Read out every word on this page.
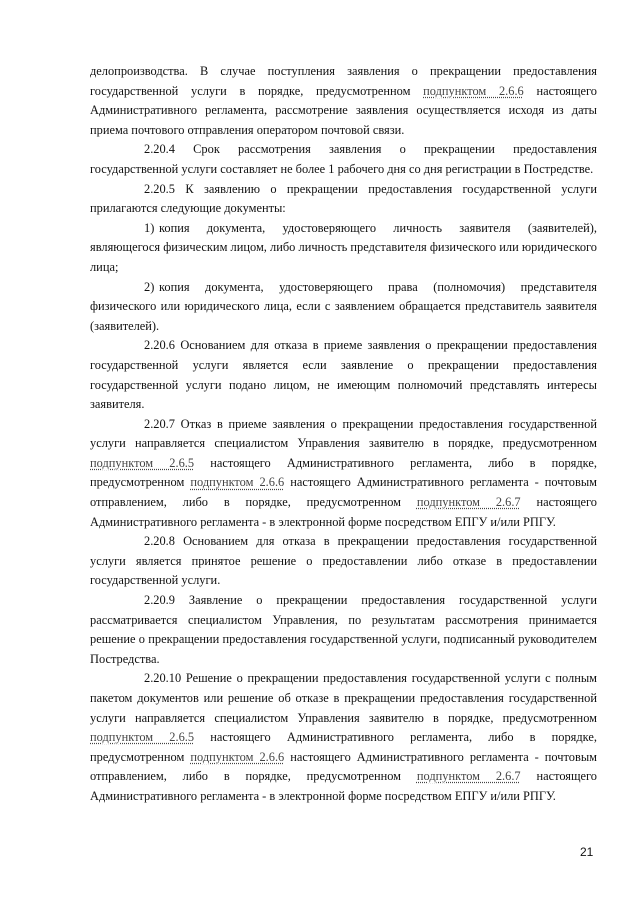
делопроизводства. В случае поступления заявления о прекращении предоставления государственной услуги в порядке, предусмотренном подпунктом 2.6.6 настоящего Административного регламента, рассмотрение заявления осуществляется исходя из даты приема почтового отправления оператором почтовой связи.

2.20.4 Срок рассмотрения заявления о прекращении предоставления государственной услуги составляет не более 1 рабочего дня со дня регистрации в Постредстве.

2.20.5 К заявлению о прекращении предоставления государственной услуги прилагаются следующие документы:

1) копия документа, удостоверяющего личность заявителя (заявителей), являющегося физическим лицом, либо личность представителя физического или юридического лица;

2) копия документа, удостоверяющего права (полномочия) представителя физического или юридического лица, если с заявлением обращается представитель заявителя (заявителей).

2.20.6 Основанием для отказа в приеме заявления о прекращении предоставления государственной услуги является если заявление о прекращении предоставления государственной услуги подано лицом, не имеющим полномочий представлять интересы заявителя.

2.20.7 Отказ в приеме заявления о прекращении предоставления государственной услуги направляется специалистом Управления заявителю в порядке, предусмотренном подпунктом 2.6.5 настоящего Административного регламента, либо в порядке, предусмотренном подпунктом 2.6.6 настоящего Административного регламента - почтовым отправлением, либо в порядке, предусмотренном подпунктом 2.6.7 настоящего Административного регламента - в электронной форме посредством ЕПГУ и/или РПГУ.

2.20.8 Основанием для отказа в прекращении предоставления государственной услуги является принятое решение о предоставлении либо отказе в предоставлении государственной услуги.

2.20.9 Заявление о прекращении предоставления государственной услуги рассматривается специалистом Управления, по результатам рассмотрения принимается решение о прекращении предоставления государственной услуги, подписанный руководителем Постредства.

2.20.10 Решение о прекращении предоставления государственной услуги с полным пакетом документов или решение об отказе в прекращении предоставления государственной услуги направляется специалистом Управления заявителю в порядке, предусмотренном подпунктом 2.6.5 настоящего Административного регламента, либо в порядке, предусмотренном подпунктом 2.6.6 настоящего Административного регламента - почтовым отправлением, либо в порядке, предусмотренном подпунктом 2.6.7 настоящего Административного регламента - в электронной форме посредством ЕПГУ и/или РПГУ.

21
